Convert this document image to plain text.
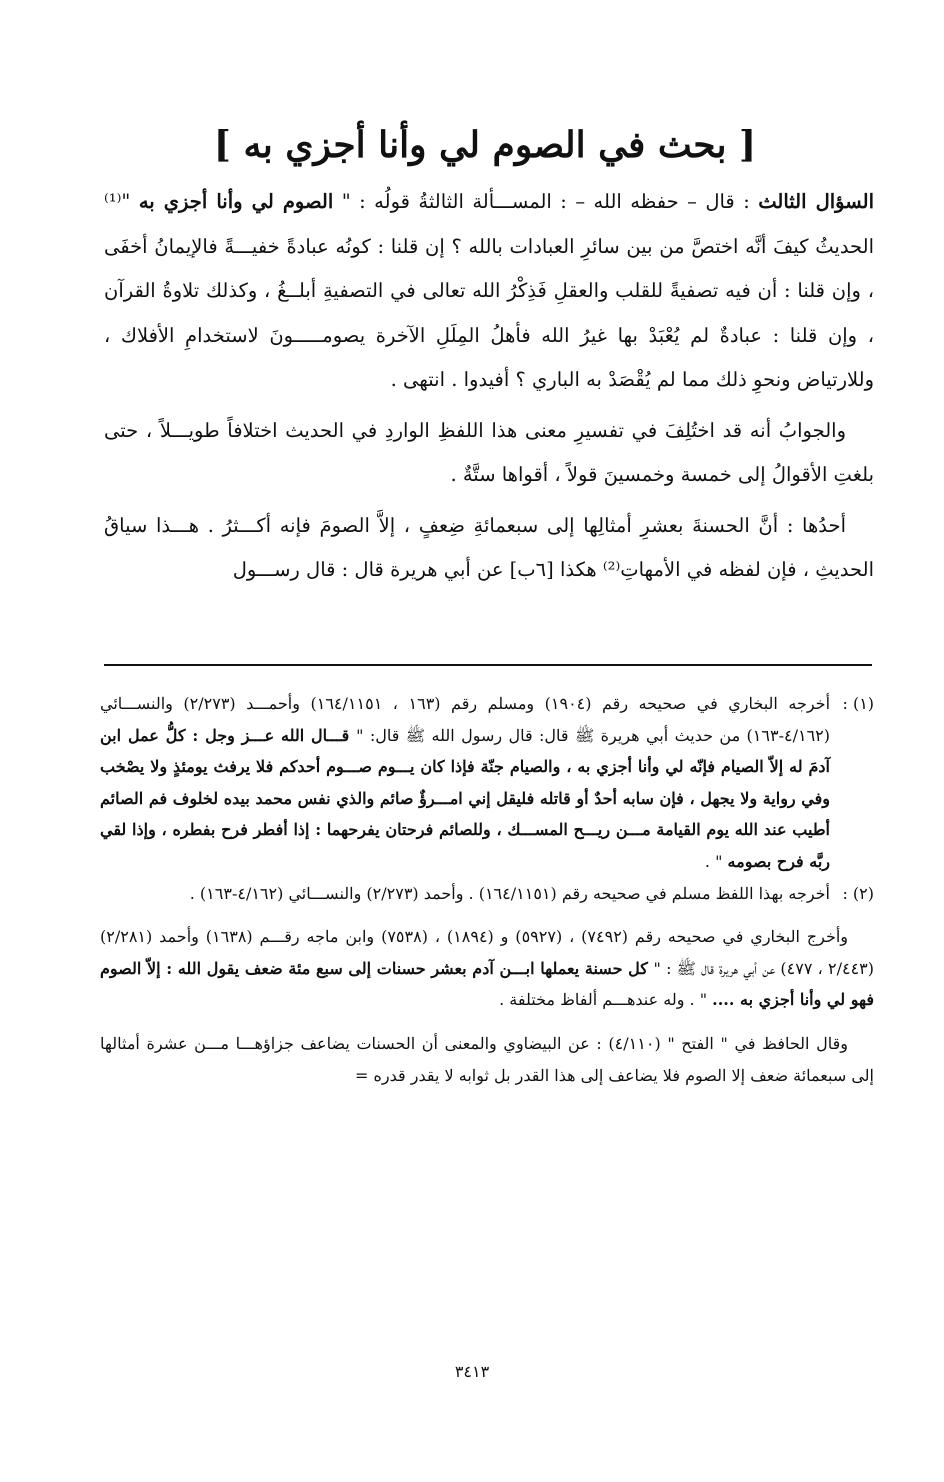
[ بحث في الصوم لي وأنا أجزي به ]

السؤال الثالث : قال – حفظه الله – : المســـألة الثالثةُ قولُه : " الصوم لي وأنا أجزي به "⁽¹⁾ الحديثُ كيفَ أنَّه اختصَّ من بين سائرِ العبادات بالله ؟ إن قلنا : كونُه عبادةً خفيـــةً فالإيمانُ أخفَى ، وإن قلنا : أن فيه تصفيةً للقلب والعقلِ فَذِكْرُ الله تعالى في التصفيةِ أبلــغُ ، وكذلك تلاوةُ القرآن ، وإن قلنا : عبادةٌ لم يُعْبَدْ بها غيرُ الله فأهلُ المِلَلِ الآخرة يصومـــــونَ لاستخدامِ الأفلاك ، وللارتياض ونحوِ ذلك مما لم يُقْصَدْ به الباري ؟ أفيدوا . انتهى .

والجوابُ أنه قد اختُلِفَ في تفسيرِ معنى هذا اللفظِ الواردِ في الحديث اختلافاً طويـــلاً ، حتى بلغتِ الأقوالُ إلى خمسة وخمسينَ قولاً ، أقواها ستَّةٌ .

أحدُها : أنَّ الحسنةَ بعشرِ أمثالِها إلى سبعمائةِ ضِعفٍ ، إلاَّ الصومَ فإنه أكـــثرُ . هـــذا سياقُ الحديثِ ، فإن لفظه في الأمهاتِ⁽²⁾ هكذا [٦ب] عن أبي هريرة قال : قال رســـول

(١) :أخرجه البخاري في صحيحه رقم (١٩٠٤) ومسلم رقم (١٦٣ ، ١٦٤/١١٥١) وأحمـــد (٢/٢٧٣) والنســـائي (٤/١٦٢-١٦٣) من حديث أبي هريرة ﷺ قال: قال رسول الله ﷺ قال: " قـــال الله عـــز وجل : كلُّ عمل ابن آدمَ له إلاّ الصيام فإنّه لي وأنا أجزي به ، والصيام جنّة فإذا كان يـــوم صـــوم أحدكم فلا يرفث يومئذٍ ولا يصْخب وفي رواية ولا يجهل ، فإن سابه أحدٌ أو قاتله فليقل إني امـــرؤٌ صائم والذي نفس محمد بيده لخلوف فم الصائم أطيب عند الله يوم القيامة مـــن ريـــح المســـك ، وللصائم فرحتان يفرحهما : إذا أفطر فرح بفطره ، وإذا لقي ربَّه فرح بصومه " .

(٢) :أخرجه بهذا اللفظ مسلم في صحيحه رقم (١٦٤/١١٥١) . وأحمد (٢/٢٧٣) والنســـائي (٤/١٦٢-١٦٣) .

وأخرج البخاري في صحيحه رقم (٧٤٩٢) ، (٥٩٢٧) و (١٨٩٤) ، (٧٥٣٨) وابن ماجه رقـــم (١٦٣٨) وأحمد (٢/٢٨١) (٢/٤٤٣ ، ٤٧٧) عن أبي هريرة قال ﷺ : " كل حسنة يعملها ابـــن آدم بعشر حسنات إلى سبع مئة ضعف يقول الله : إلاّ الصوم فهو لي وأنا أجزي به .... " . وله عندهـــم ألفاظ مختلفة .

وقال الحافظ في " الفتح " (٤/١١٠) : عن البيضاوي والمعنى أن الحسنات يضاعف جزاؤهـــا مـــن عشرة أمثالها إلى سبعمائة ضعف إلا الصوم فلا يضاعف إلى هذا القدر بل ثوابه لا يقدر قدره =

٣٤١٣
